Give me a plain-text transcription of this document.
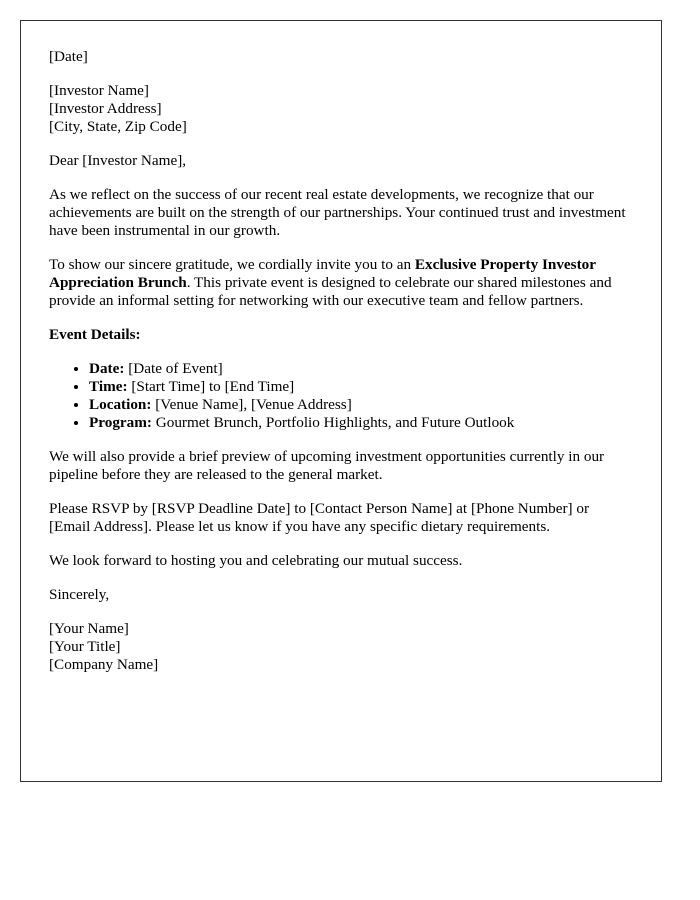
[Date]

[Investor Name]
[Investor Address]
[City, State, Zip Code]

Dear [Investor Name],

As we reflect on the success of our recent real estate developments, we recognize that our achievements are built on the strength of our partnerships. Your continued trust and investment have been instrumental in our growth.

To show our sincere gratitude, we cordially invite you to an Exclusive Property Investor Appreciation Brunch. This private event is designed to celebrate our shared milestones and provide an informal setting for networking with our executive team and fellow partners.

Event Details:

• Date: [Date of Event]
• Time: [Start Time] to [End Time]
• Location: [Venue Name], [Venue Address]
• Program: Gourmet Brunch, Portfolio Highlights, and Future Outlook

We will also provide a brief preview of upcoming investment opportunities currently in our pipeline before they are released to the general market.

Please RSVP by [RSVP Deadline Date] to [Contact Person Name] at [Phone Number] or [Email Address]. Please let us know if you have any specific dietary requirements.

We look forward to hosting you and celebrating our mutual success.

Sincerely,

[Your Name]
[Your Title]
[Company Name]
